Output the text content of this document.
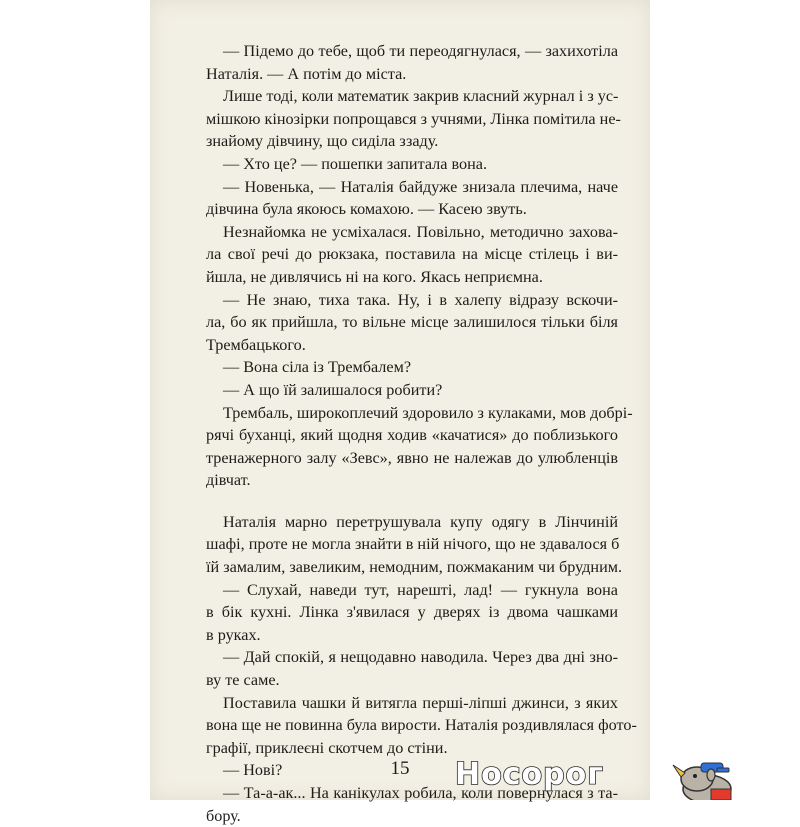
— Підемо до тебе, щоб ти переодягнулася, — захихотіла
Наталія. — А потім до міста.
Лише тоді, коли математик закрив класний журнал і з ус-
мішкою кінозірки попрощався з учнями, Лінка помітила не-
знайому дівчину, що сиділа ззаду.
— Хто це? — пошепки запитала вона.
— Новенька, — Наталія байдуже знизала плечима, наче
дівчина була якоюсь комахою. — Касею звуть.
Незнайомка не усміхалася. Повільно, методично захова-
ла свої речі до рюкзака, поставила на місце стілець і ви-
йшла, не дивлячись ні на кого. Якась неприємна.
— Не знаю, тиха така. Ну, і в халепу відразу вскочи-
ла, бо як прийшла, то вільне місце залишилося тільки біля
Трембацького.
— Вона сіла із Трембалем?
— А що їй залишалося робити?
Трембаль, широкоплечий здоровило з кулаками, мов добрі-
рячі буханці, який щодня ходив «качатися» до поблизького
тренажерного залу «Зевс», явно не належав до улюбленців
дівчат.
Наталія марно перетрушувала купу одягу в Лінчиній
шафі, проте не могла знайти в ній нічого, що не здавалося б
їй замалим, завеликим, немодним, пожмаканим чи брудним.
— Слухай, наведи тут, нарешті, лад! — гукнула вона
в бік кухні. Лінка з'явилася у дверях із двома чашками
в руках.
— Дай спокій, я нещодавно наводила. Через два дні зно-
ву те саме.
Поставила чашки й витягла перші-ліпші джинси, з яких
вона ще не повинна була вирости. Наталія роздивлялася фото-
графії, приклеєні скотчем до стіни.
— Нові?
— Та-а-ак... На канікулах робила, коли повернулася з та-
бору.
15	Носорог
